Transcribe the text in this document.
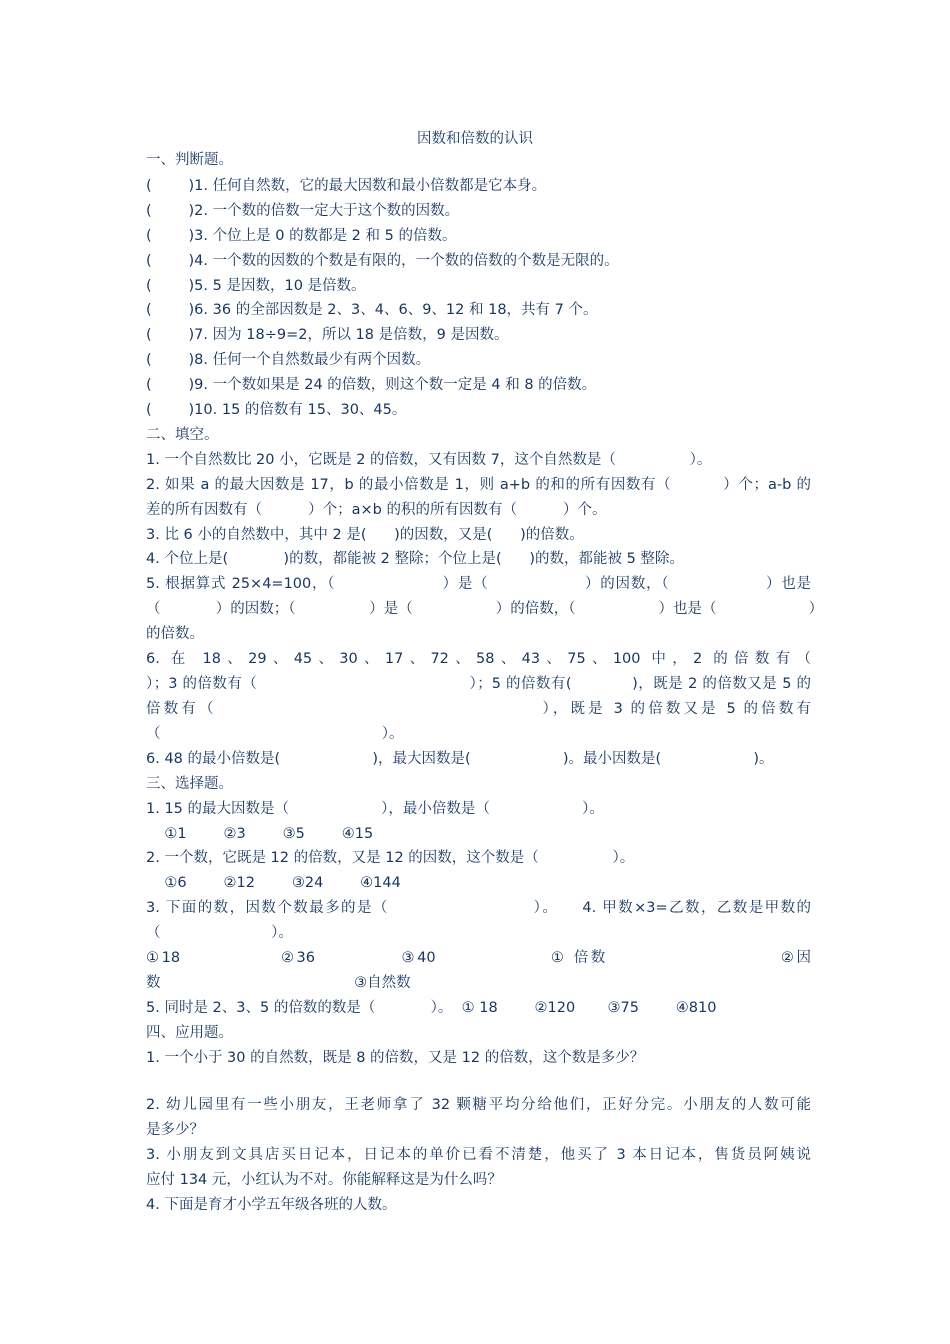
因数和倍数的认识
一、判断题。
(        )1. 任何自然数，它的最大因数和最小倍数都是它本身。
(        )2. 一个数的倍数一定大于这个数的因数。
(        )3. 个位上是 0 的数都是 2 和 5 的倍数。
(        )4. 一个数的因数的个数是有限的，一个数的倍数的个数是无限的。
(        )5. 5 是因数，10 是倍数。
(        )6. 36 的全部因数是 2、3、4、6、9、12 和 18，共有 7 个。
(        )7. 因为 18÷9=2，所以 18 是倍数，9 是因数。
(        )8. 任何一个自然数最少有两个因数。
(        )9. 一个数如果是 24 的倍数，则这个数一定是 4 和 8 的倍数。
(        )10. 15 的倍数有 15、30、45。
二、填空。
1. 一个自然数比 20 小，它既是 2 的倍数，又有因数 7，这个自然数是（                ）。
2. 如果 a 的最大因数是 17，b 的最小倍数是 1，则 a+b 的和的所有因数有（          ）个；a-b 的
差的所有因数有（          ）个；a×b 的积的所有因数有（          ）个。
3. 比 6 小的自然数中，其中 2 是(      )的因数，又是(      )的倍数。
4. 个位上是(            )的数，都能被 2 整除；个位上是(      )的数，都能被 5 整除。
5. 根据算式 25×4=100，（                    ）是（                  ）的因数，（                  ）也是
（            ）的因数；（                ）是（                  ）的倍数，（                  ）也是（                    ）
的倍数。
6. 在 18、29、45、30、17、72、58、43、75、100 中，2 的倍数有（
）；3 的倍数有（                                          ）；5 的倍数有(            )，既是 2 的倍数又是 5 的
倍数有（                                          ），既是 3 的倍数又是 5 的倍数有
（                                                ）。
6. 48 的最小倍数是(                    )，最大因数是(                    )。最小因数是(                    )。
三、选择题。
1. 15 的最大因数是（                    ），最小倍数是（                    ）。
①1        ②3        ③5        ④15
2. 一个数，它既是 12 的倍数，又是 12 的因数，这个数是（                ）。
①6        ②12        ③24        ④144
3. 下面的数，因数个数最多的是（                        ）。    4. 甲数×3=乙数，乙数是甲数的
（                        ）。
①18              ②36            ③40                ① 倍数                        ②因
数                                          ③自然数
5. 同时是 2、3、5 的倍数的数是（            ）。  ① 18        ②120       ③75        ④810
四、应用题。
1. 一个小于 30 的自然数，既是 8 的倍数，又是 12 的倍数，这个数是多少？
2. 幼儿园里有一些小朋友，王老师拿了 32 颗糖平均分给他们，正好分完。小朋友的人数可能
是多少？
3. 小朋友到文具店买日记本，日记本的单价已看不清楚，他买了 3 本日记本，售货员阿姨说
应付 134 元，小红认为不对。你能解释这是为什么吗？
4. 下面是育才小学五年级各班的人数。
